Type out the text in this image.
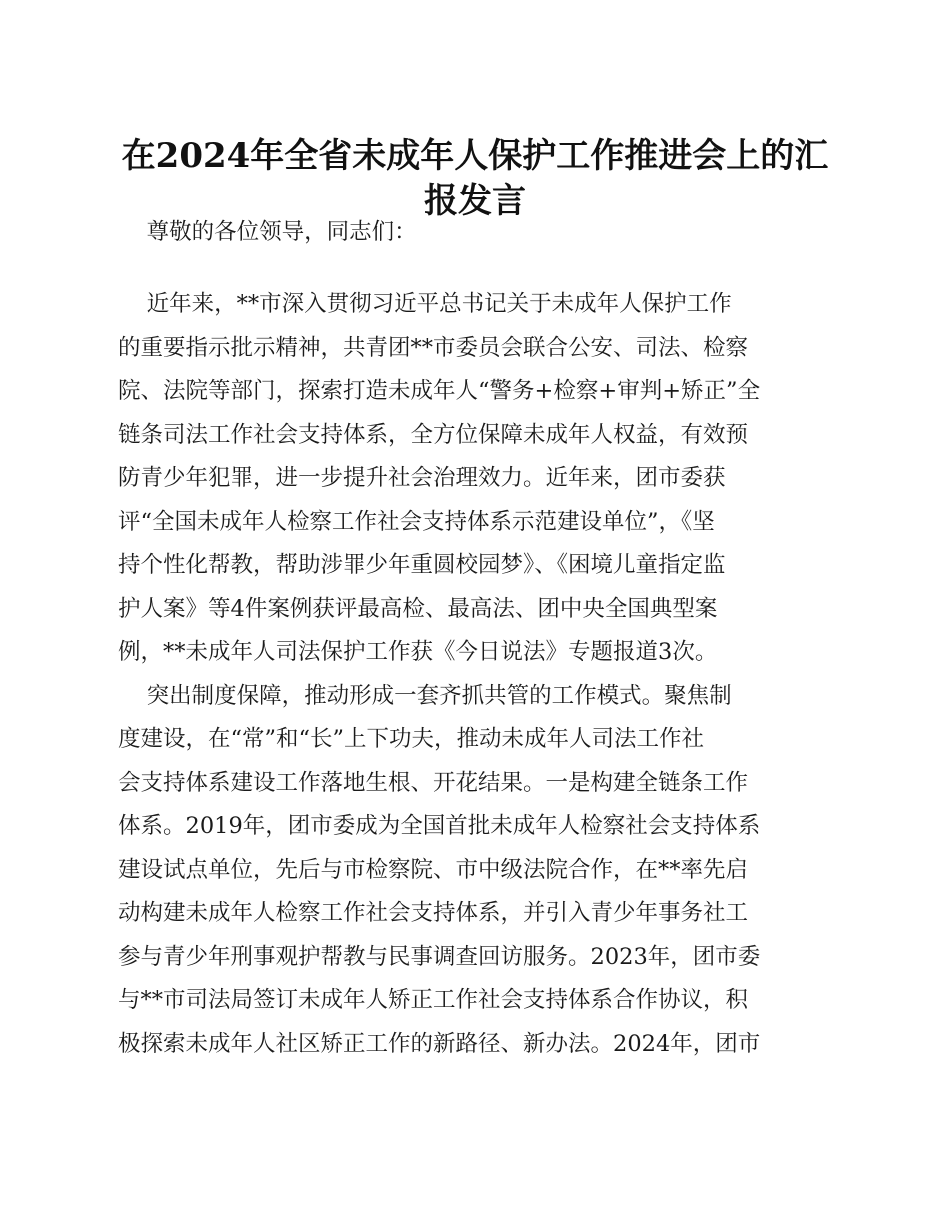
在2024年全省未成年人保护工作推进会上的汇
报发言

尊敬的各位领导，同志们：

近年来，**市深入贯彻习近平总书记关于未成年人保护工作

的重要指示批示精神，共青团**市委员会联合公安、司法、检察

院、法院等部门，探索打造未成年人“警务+检察+审判+矫正”全

链条司法工作社会支持体系，全方位保障未成年人权益，有效预

防青少年犯罪，进一步提升社会治理效力。近年来，团市委获

评“全国未成年人检察工作社会支持体系示范建设单位”，《坚

持个性化帮教，帮助涉罪少年重圆校园梦》、《困境儿童指定监

护人案》等4件案例获评最高检、最高法、团中央全国典型案

例，**未成年人司法保护工作获《今日说法》专题报道3次。

突出制度保障，推动形成一套齐抓共管的工作模式。聚焦制

度建设，在“常”和“长”上下功夫，推动未成年人司法工作社

会支持体系建设工作落地生根、开花结果。一是构建全链条工作

体系。2019年，团市委成为全国首批未成年人检察社会支持体系

建设试点单位，先后与市检察院、市中级法院合作，在**率先启

动构建未成年人检察工作社会支持体系，并引入青少年事务社工

参与青少年刑事观护帮教与民事调查回访服务。2023年，团市委

与**市司法局签订未成年人矫正工作社会支持体系合作协议，积

极探索未成年人社区矫正工作的新路径、新办法。2024年，团市
